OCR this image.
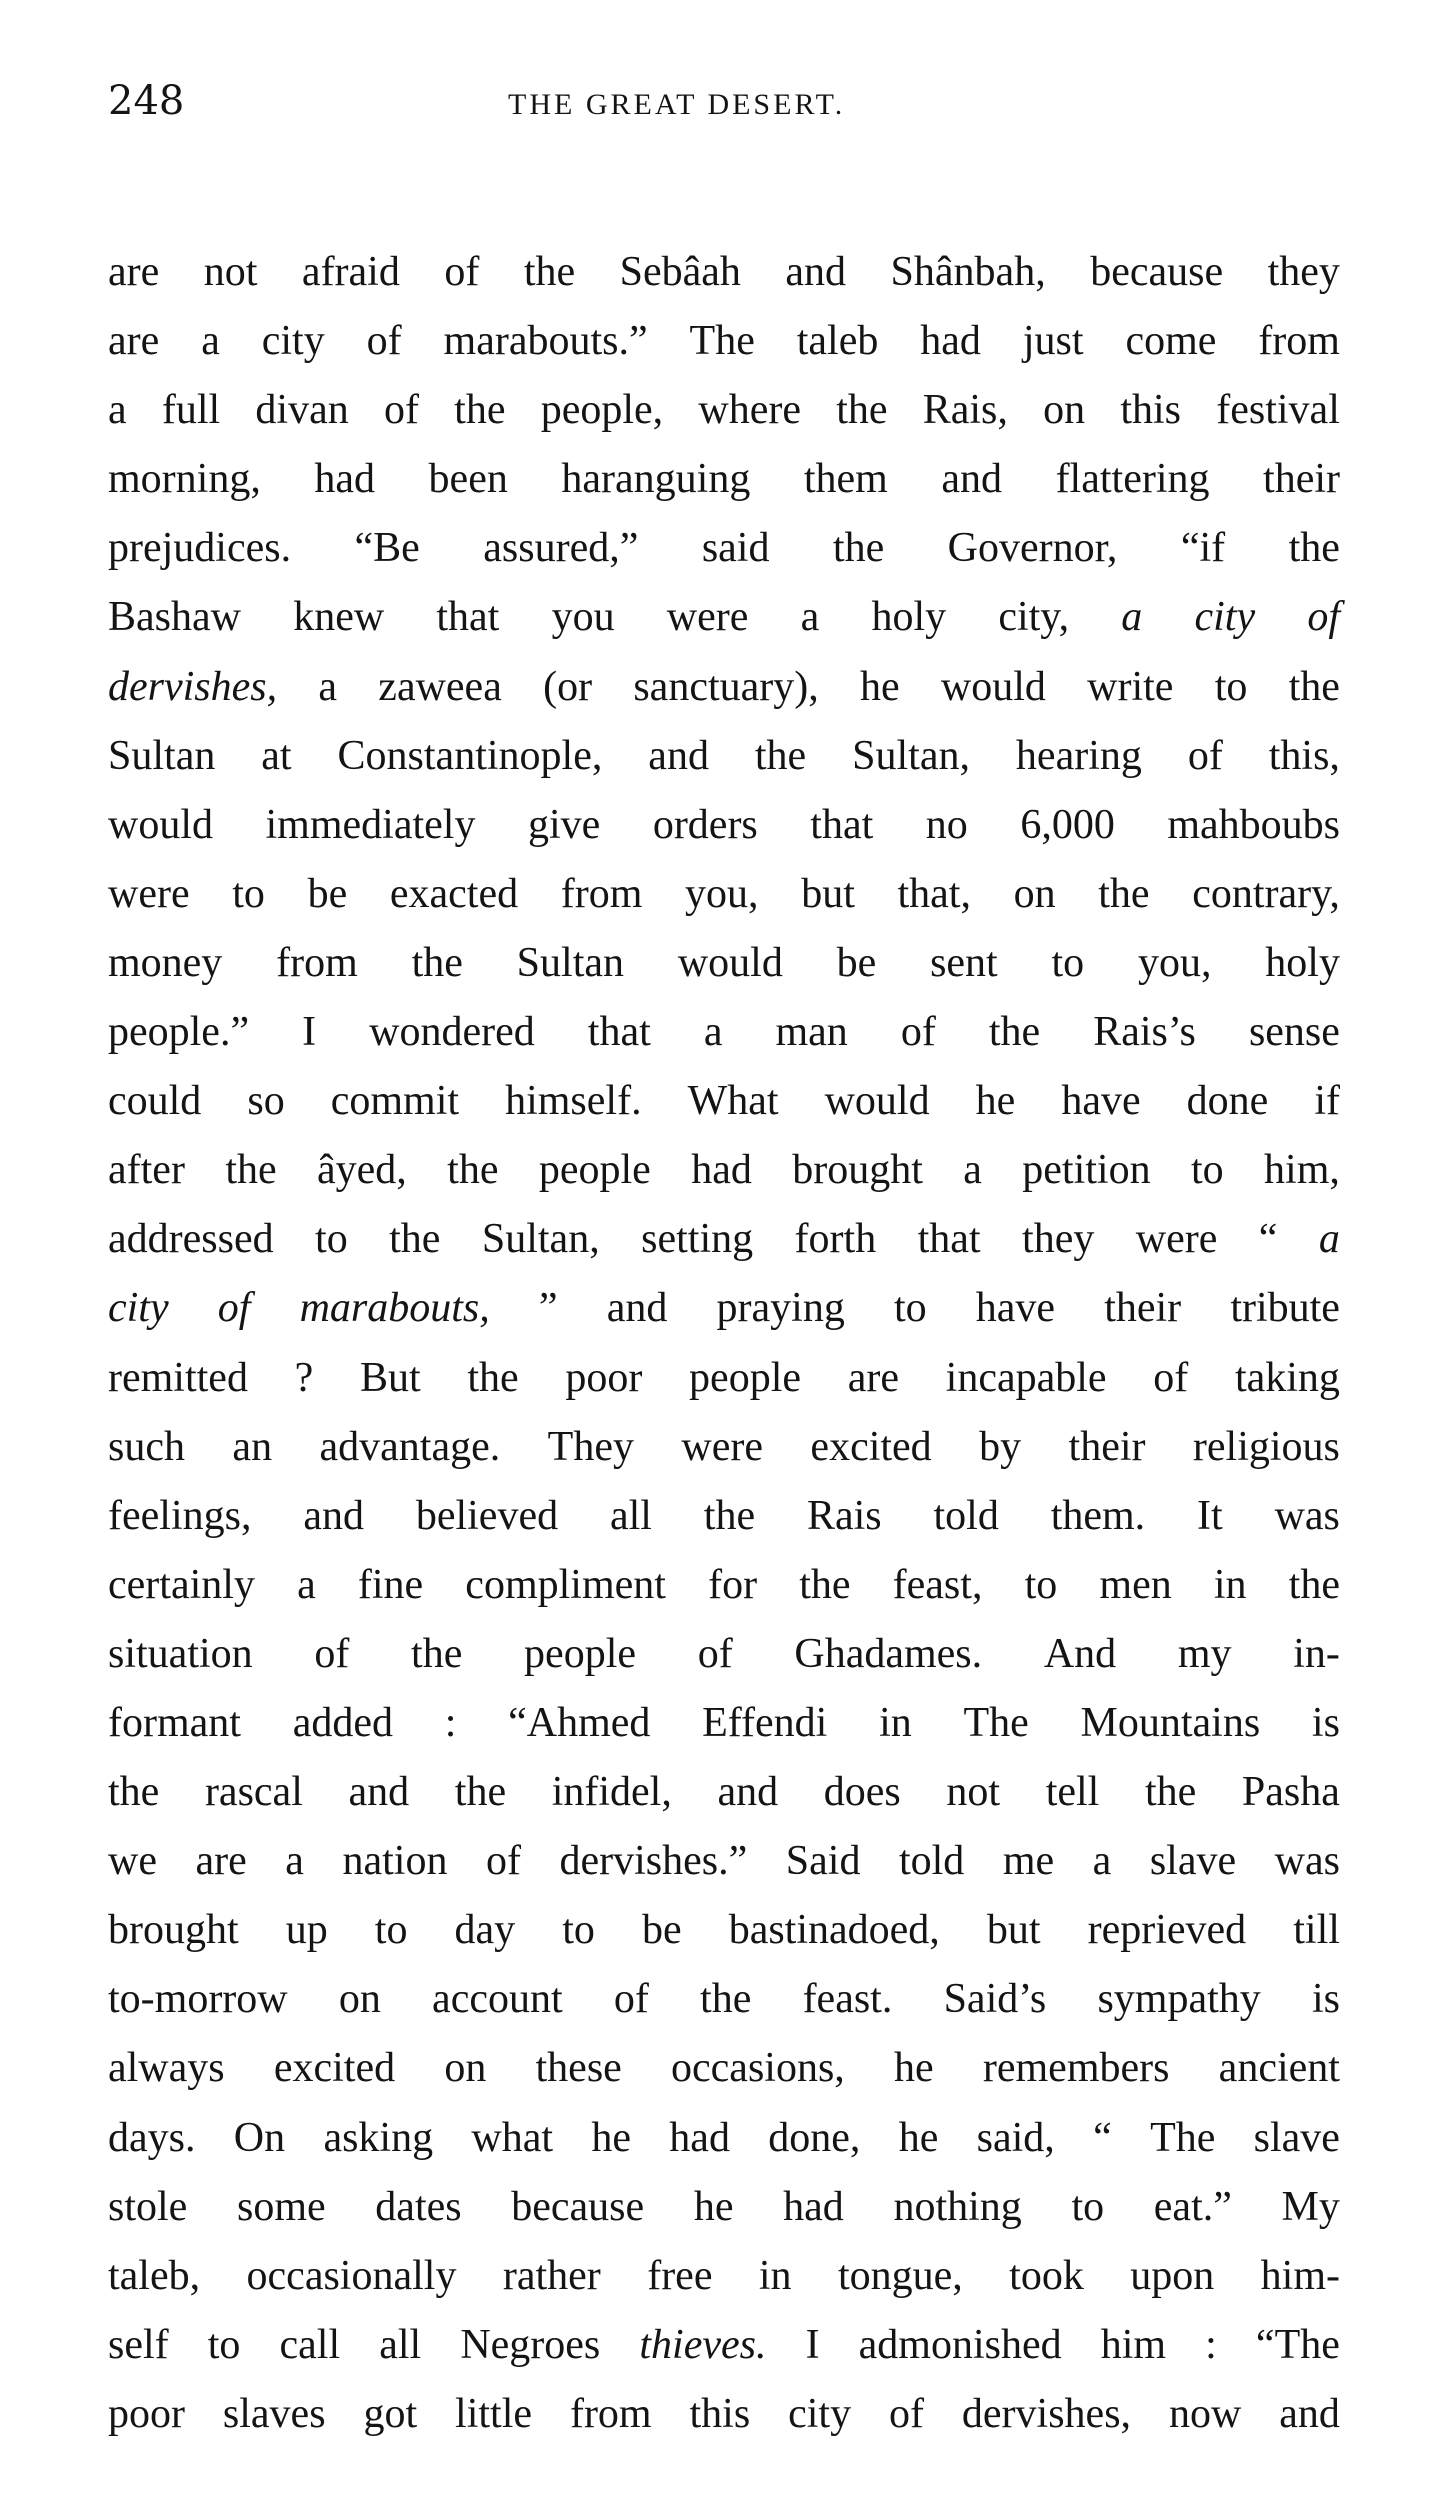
248	THE GREAT DESERT.
are not afraid of the Sebâah and Shânbah, because they
are a city of marabouts.” The taleb had just come from
a full divan of the people, where the Rais, on this festival
morning, had been haranguing them and flattering their
prejudices. “Be assured,” said the Governor, “if the
Bashaw knew that you were a holy city, a city of
dervishes, a zaweea (or sanctuary), he would write to the
Sultan at Constantinople, and the Sultan, hearing of this,
would immediately give orders that no 6,000 mahboubs
were to be exacted from you, but that, on the contrary,
money from the Sultan would be sent to you, holy
people.” I wondered that a man of the Rais’s sense
could so commit himself. What would he have done if
after the âyed, the people had brought a petition to him,
addressed to the Sultan, setting forth that they were “ a
city of marabouts, ” and praying to have their tribute
remitted ? But the poor people are incapable of taking
such an advantage. They were excited by their religious
feelings, and believed all the Rais told them. It was
certainly a fine compliment for the feast, to men in the
situation of the people of Ghadames. And my in-
formant added : “Ahmed Effendi in The Mountains is
the rascal and the infidel, and does not tell the Pasha
we are a nation of dervishes.” Said told me a slave was
brought up to day to be bastinadoed, but reprieved till
to-morrow on account of the feast. Said’s sympathy is
always excited on these occasions, he remembers ancient
days. On asking what he had done, he said, “ The slave
stole some dates because he had nothing to eat.” My
taleb, occasionally rather free in tongue, took upon him-
self to call all Negroes thieves. I admonished him : “The
poor slaves got little from this city of dervishes, now and
